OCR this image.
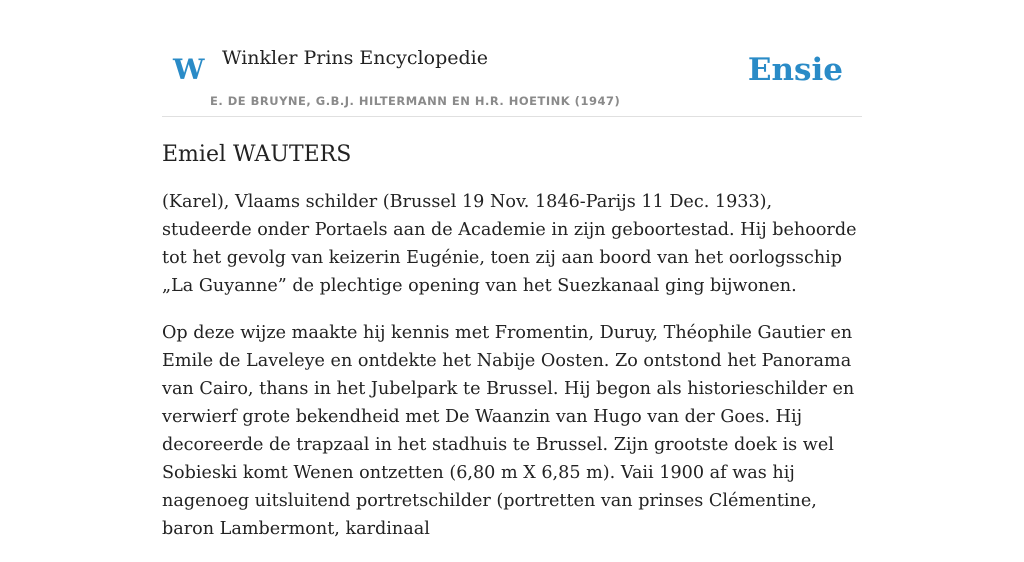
W Winkler Prins Encyclopedie
E. DE BRUYNE, G.B.J. HILTERMANN EN H.R. HOETINK (1947)
Ensie
Emiel WAUTERS

(Karel), Vlaams schilder (Brussel 19 Nov. 1846-Parijs 11 Dec. 1933), studeerde onder Portaels aan de Academie in zijn geboortestad. Hij behoorde tot het gevolg van keizerin Eugénie, toen zij aan boord van het oorlogsschip „La Guyanne” de plechtige opening van het Suezkanaal ging bijwonen.

Op deze wijze maakte hij kennis met Fromentin, Duruy, Théophile Gautier en Emile de Laveleye en ontdekte het Nabije Oosten. Zo ontstond het Panorama van Cairo, thans in het Jubelpark te Brussel. Hij begon als historieschilder en verwierf grote bekendheid met De Waanzin van Hugo van der Goes. Hij decoreerde de trapzaal in het stadhuis te Brussel. Zijn grootste doek is wel Sobieski komt Wenen ontzetten (6,80 m X 6,85 m). Vaii 1900 af was hij nagenoeg uitsluitend portretschilder (portretten van prinses Clémentine, baron Lambermont, kardinaal
